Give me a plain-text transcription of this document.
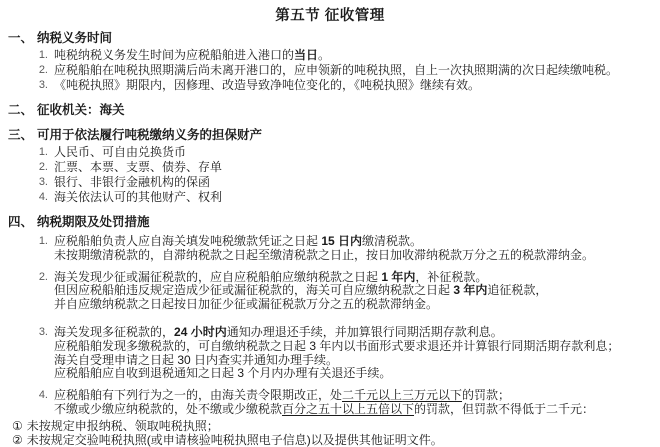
第五节 征收管理
一、 纳税义务时间
1. 吨税纳税义务发生时间为应税船舶进入港口的当日。
2. 应税船舶在吨税执照期满后尚未离开港口的，应申领新的吨税执照，自上一次执照期满的次日起续缴吨税。
3. 《吨税执照》期限内，因修理、改造导致净吨位变化的，《吨税执照》继续有效。
二、 征收机关：海关
三、 可用于依法履行吨税缴纳义务的担保财产
1. 人民币、可自由兑换货币
2. 汇票、本票、支票、债券、存单
3. 银行、非银行金融机构的保函
4. 海关依法认可的其他财产、权利
四、 纳税期限及处罚措施
1. 应税船舶负责人应自海关填发吨税缴款凭证之日起 15 日内缴清税款。
未按期缴清税款的，自滞纳税款之日起至缴清税款之日止，按日加收滞纳税款万分之五的税款滞纳金。
2. 海关发现少征或漏征税款的，应自应税船舶应缴纳税款之日起 1 年内，补征税款。
但因应税船舶违反规定造成少征或漏征税款的，海关可自应缴纳税款之日起 3 年内追征税款，
并自应缴纳税款之日起按日加征少征或漏征税款万分之五的税款滞纳金。
3. 海关发现多征税款的，24 小时内通知办理退还手续，并加算银行同期活期存款利息。
应税船舶发现多缴税款的，可自缴纳税款之日起 3 年内以书面形式要求退还并计算银行同期活期存款利息；
海关自受理申请之日起 30 日内查实并通知办理手续。
应税船舶应自收到退税通知之日起 3 个月内办理有关退还手续。
4. 应税船舶有下列行为之一的，由海关责令限期改正，处二千元以上三万元以下的罚款；
不缴或少缴应纳税款的，处不缴或少缴税款百分之五十以上五倍以下的罚款，但罚款不得低于二千元：
① 未按规定申报纳税、领取吨税执照；
② 未按规定交验吨税执照(或申请核验吨税执照电子信息)以及提供其他证明文件。
